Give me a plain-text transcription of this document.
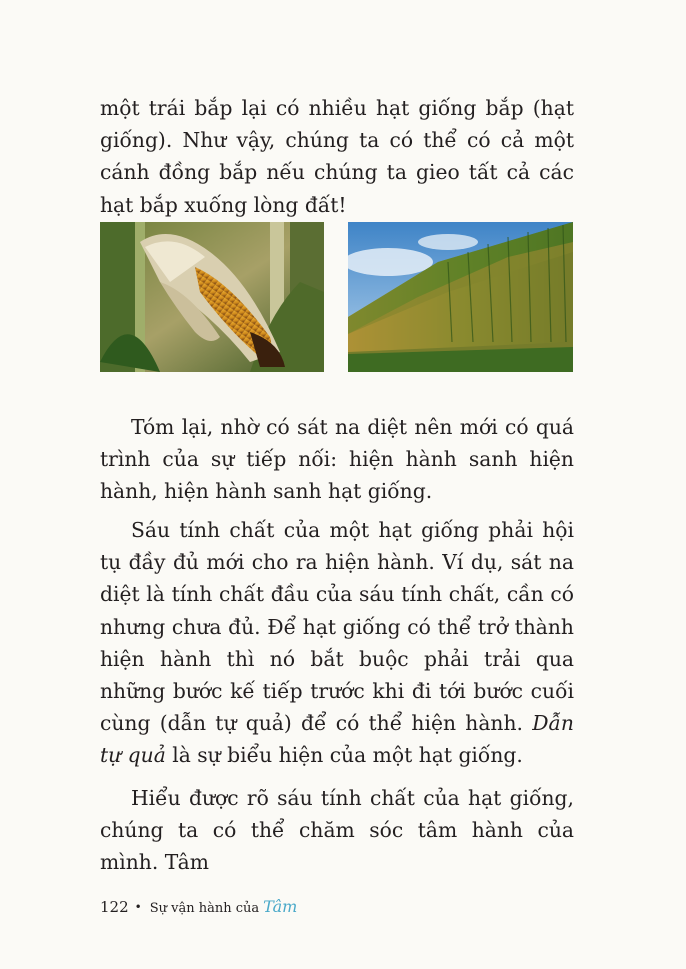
một trái bắp lại có nhiều hạt giống bắp (hạt giống). Như vậy, chúng ta có thể có cả một cánh đồng bắp nếu chúng ta gieo tất cả các hạt bắp xuống lòng đất!

Tóm lại, nhờ có sát na diệt nên mới có quá trình của sự tiếp nối: hiện hành sanh hiện hành, hiện hành sanh hạt giống.

Sáu tính chất của một hạt giống phải hội tụ đầy đủ mới cho ra hiện hành. Ví dụ, sát na diệt là tính chất đầu của sáu tính chất, cần có nhưng chưa đủ. Để hạt giống có thể trở thành hiện hành thì nó bắt buộc phải trải qua những bước kế tiếp trước khi đi tới bước cuối cùng (dẫn tự quả) để có thể hiện hành. Dẫn tự quả là sự biểu hiện của một hạt giống.

Hiểu được rõ sáu tính chất của hạt giống, chúng ta có thể chăm sóc tâm hành của mình. Tâm

122 • Sự vận hành của Tâm
